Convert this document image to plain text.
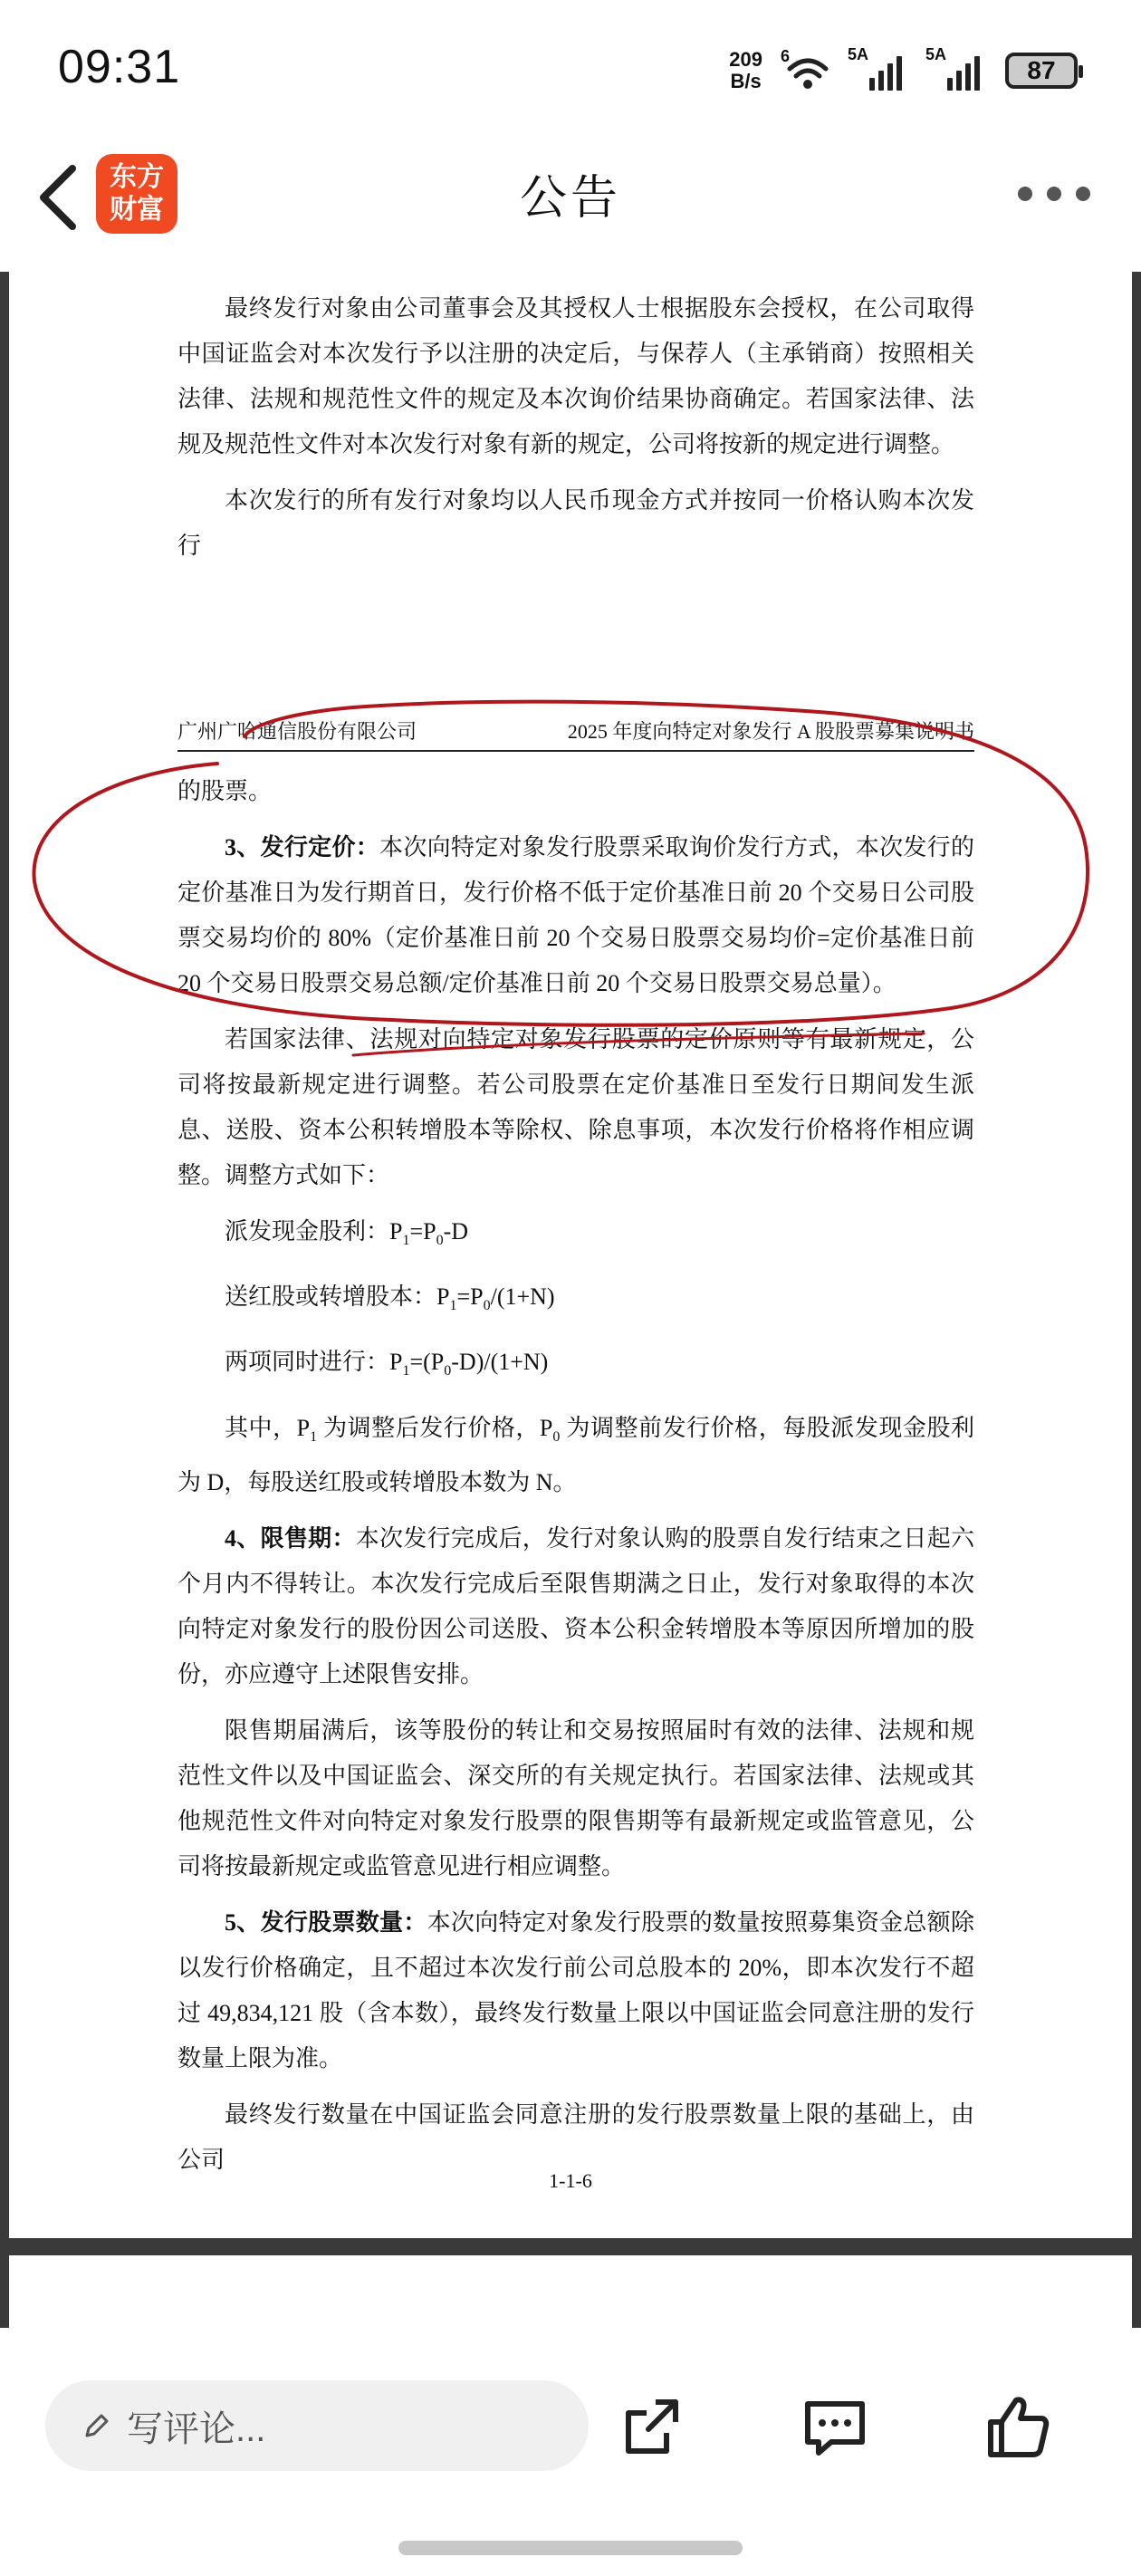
09:31	209
B/s
6	5A	5A
87
东方
财富	公告

最终发行对象由公司董事会及其授权人士根据股东会授权，在公司取得中国证监会对本次发行予以注册的决定后，与保荐人（主承销商）按照相关法律、法规和规范性文件的规定及本次询价结果协商确定。若国家法律、法规及规范性文件对本次发行对象有新的规定，公司将按新的规定进行调整。

本次发行的所有发行对象均以人民币现金方式并按同一价格认购本次发行

广州广哈通信股份有限公司	2025 年度向特定对象发行 A 股股票募集说明书

的股票。

3、发行定价：本次向特定对象发行股票采取询价发行方式，本次发行的定价基准日为发行期首日，发行价格不低于定价基准日前 20 个交易日公司股票交易均价的 80%（定价基准日前 20 个交易日股票交易均价=定价基准日前 20 个交易日股票交易总额/定价基准日前 20 个交易日股票交易总量）。

若国家法律、法规对向特定对象发行股票的定价原则等有最新规定，公司将按最新规定进行调整。若公司股票在定价基准日至发行日期间发生派息、送股、资本公积转增股本等除权、除息事项，本次发行价格将作相应调整。调整方式如下：

派发现金股利：$P_1=P_0-D$

送红股或转增股本：$P_1=P_0/(1+N)$

两项同时进行：$P_1=(P_0-D)/(1+N)$

其中，$P_1$ 为调整后发行价格，$P_0$ 为调整前发行价格，每股派发现金股利为 D，每股送红股或转增股本数为 N。

4、限售期：本次发行完成后，发行对象认购的股票自发行结束之日起六个月内不得转让。本次发行完成后至限售期满之日止，发行对象取得的本次向特定对象发行的股份因公司送股、资本公积金转增股本等原因所增加的股份，亦应遵守上述限售安排。

限售期届满后，该等股份的转让和交易按照届时有效的法律、法规和规范性文件以及中国证监会、深交所的有关规定执行。若国家法律、法规或其他规范性文件对向特定对象发行股票的限售期等有最新规定或监管意见，公司将按最新规定或监管意见进行相应调整。

5、发行股票数量：本次向特定对象发行股票的数量按照募集资金总额除以发行价格确定，且不超过本次发行前公司总股本的 20%，即本次发行不超过 49,834,121 股（含本数），最终发行数量上限以中国证监会同意注册的发行数量上限为准。

最终发行数量在中国证监会同意注册的发行股票数量上限的基础上，由公司

1-1-6
写评论...
